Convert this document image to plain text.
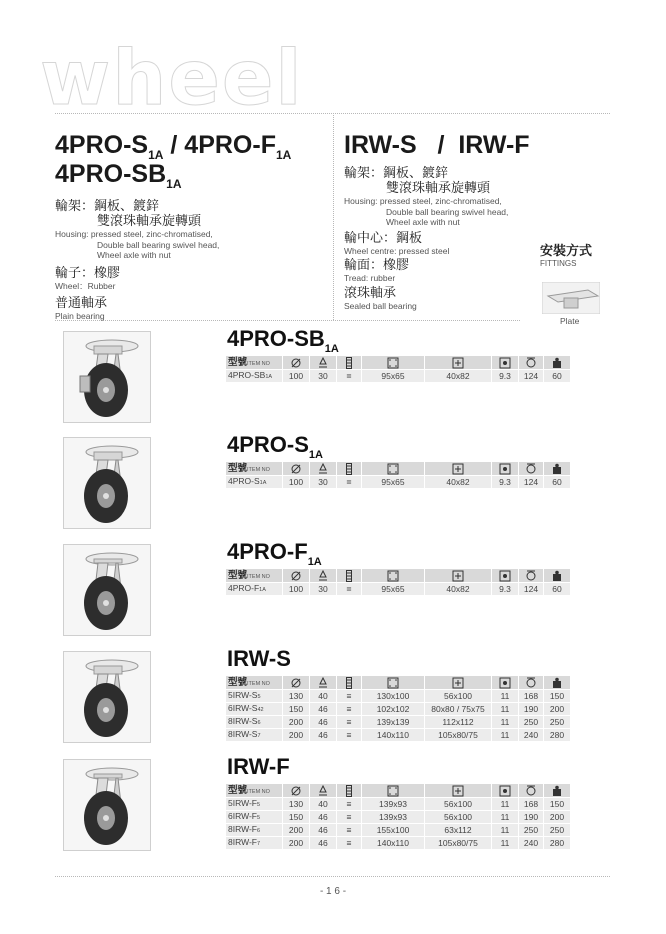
wheel
$4PRO-S_{1A} / 4PRO-F_{1A}$
$4PRO-SB_{1A}$
輪架：鋼板、鍍鋅
雙滾珠軸承旋轉頭
Housing: pressed steel, zinc-chromatised,
Double ball bearing swivel head,
Wheel axle with nut
輪子：橡膠
Wheel：Rubber
普通軸承
Plain bearing
IRW-S   /  IRW-F
輪架：鋼板、鍍鋅
雙滾珠軸承旋轉頭
Housing: pressed steel, zinc-chromatised,
Double ball bearing swivel head,
Wheel axle with nut
輪中心：鋼板
Wheel centre: pressed steel
輪面：橡膠
Tread: rubber
滾珠軸承
Sealed ball bearing
安裝方式
FITTINGS
Plate
$4PRO-SB_{1A}$
型號ITEM NO								
4PRO-SB1A	100	30	=	95x65	40x82	9.3	124	60
$4PRO-S_{1A}$
型號ITEM NO								
4PRO-S1A	100	30	=	95x65	40x82	9.3	124	60
$4PRO-F_{1A}$
型號ITEM NO								
4PRO-F1A	100	30	=	95x65	40x82	9.3	124	60
IRW-S
型號ITEM NO								
5IRW-S5	130	40	≡	130x100	56x100	11	168	150
6IRW-S42	150	46	≡	102x102	80x80 / 75x75	11	190	200
8IRW-S6	200	46	≡	139x139	112x112	11	250	250
8IRW-S7	200	46	≡	140x110	105x80/75	11	240	280
IRW-F
型號ITEM NO								
5IRW-F5	130	40	≡	139x93	56x100	11	168	150
6IRW-F5	150	46	≡	139x93	56x100	11	190	200
8IRW-F6	200	46	≡	155x100	63x112	11	250	250
8IRW-F7	200	46	≡	140x110	105x80/75	11	240	280
- 1 6 -
